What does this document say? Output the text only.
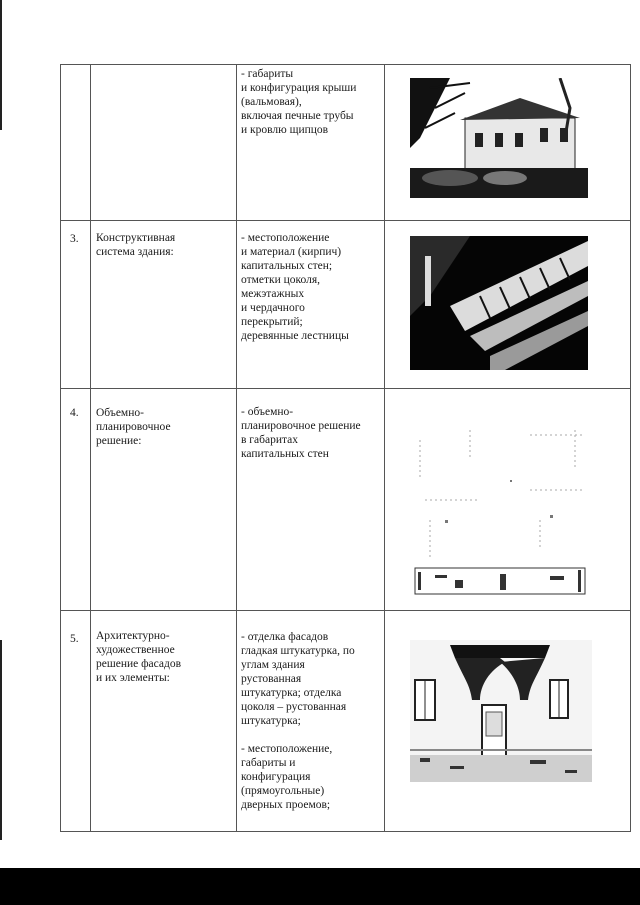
- габариты
и конфигурация крыши
(вальмовая),
включая печные трубы
и кровлю щипцов
3. Конструктивная
система здания:
- местоположение
и материал (кирпич)
капитальных стен;
отметки цоколя,
межэтажных
и чердачного
перекрытий;
деревянные лестницы
4. Объемно-
планировочное
решение:
- объемно-
планировочное решение
в габаритах
капитальных стен
5. Архитектурно-
художественное
решение фасадов
и их элементы:
- отделка фасадов
гладкая штукатурка, по
углам здания
рустованная
штукатурка; отделка
цоколя – рустованная
штукатурка;
- местоположение,
габариты и
конфигурация
(прямоугольные)
дверных проемов;
